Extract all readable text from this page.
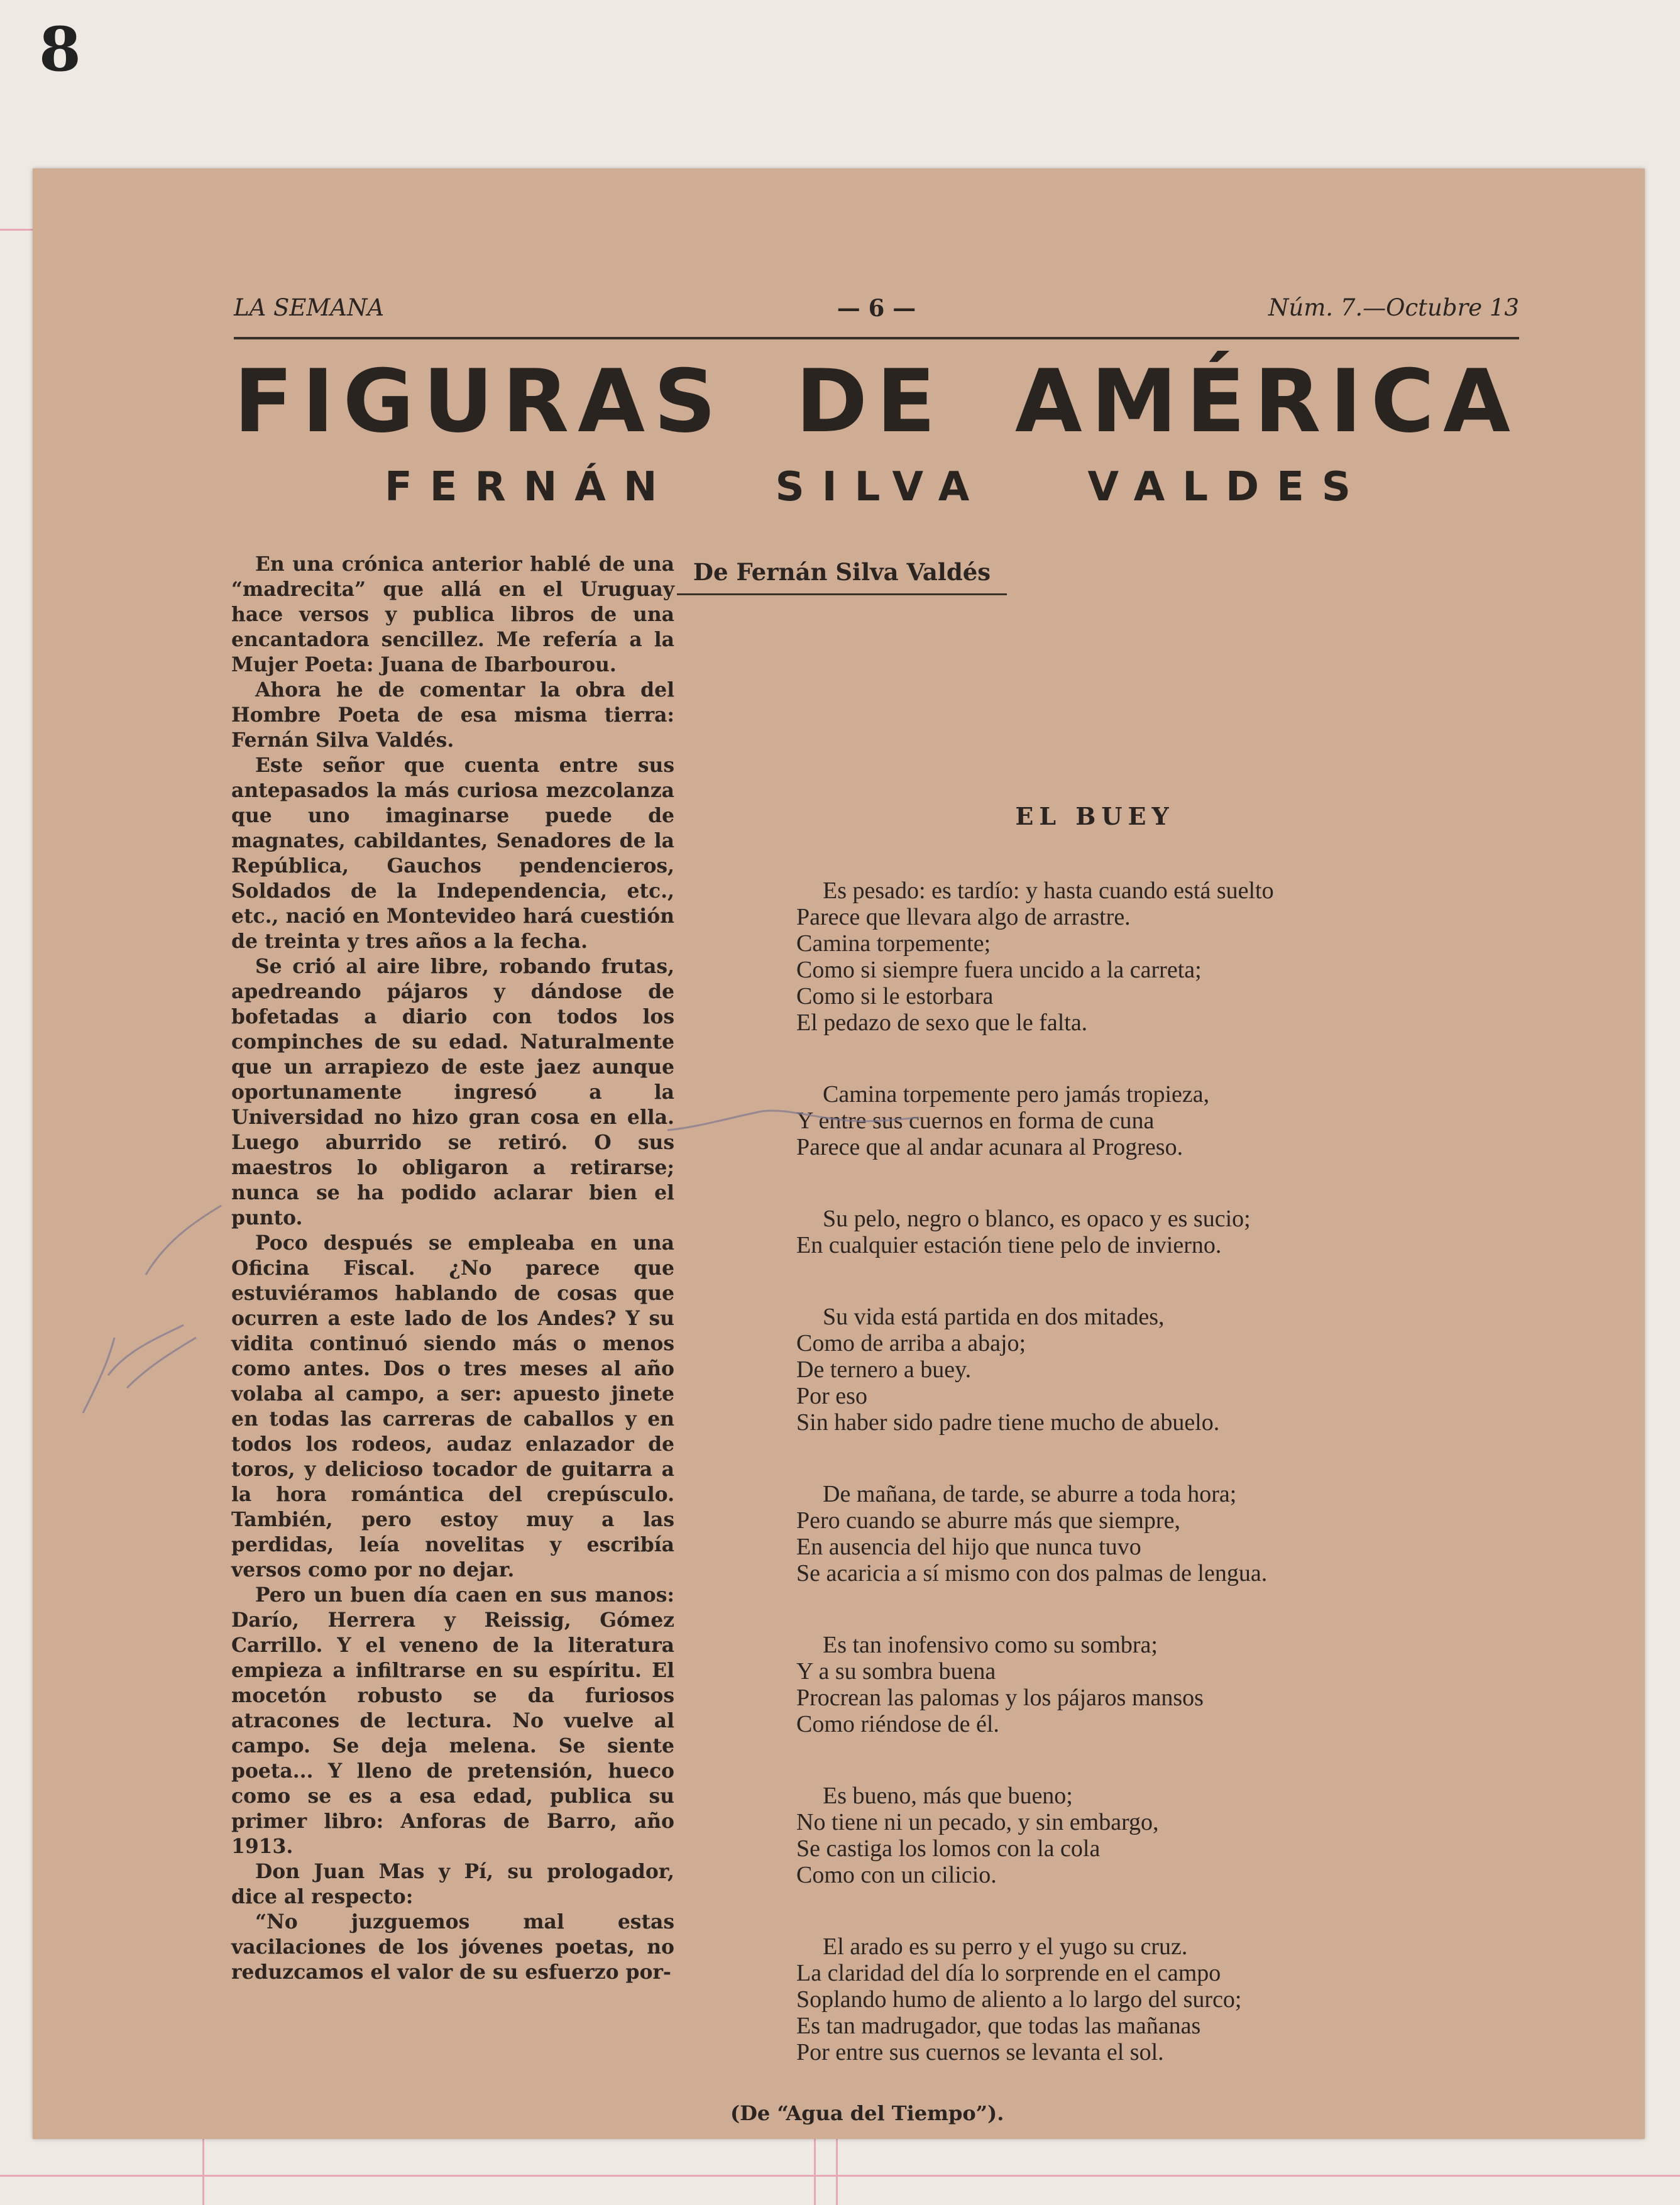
8
LA SEMANA	— 6 —	Núm. 7.—Octubre 13
FIGURAS DE AMÉRICA
FERNÁN	SILVA	VALDES

En una crónica anterior hablé de una “madrecita” que allá en el Uruguay hace versos y publica libros de una encantadora sencillez. Me refería a la Mujer Poeta: Juana de Ibarbourou.

Ahora he de comentar la obra del Hombre Poeta de esa misma tierra: Fernán Silva Valdés.

Este señor que cuenta entre sus antepasados la más curiosa mezcolanza que uno imaginarse puede de magnates, cabildantes, Senadores de la República, Gauchos pendencieros, Soldados de la Independencia, etc., etc., nació en Montevideo hará cuestión de treinta y tres años a la fecha.

Se crió al aire libre, robando frutas, apedreando pájaros y dándose de bofetadas a diario con todos los compinches de su edad. Naturalmente que un arrapiezo de este jaez aunque oportunamente ingresó a la Universidad no hizo gran cosa en ella. Luego aburrido se retiró. O sus maestros lo obligaron a retirarse; nunca se ha podido aclarar bien el punto.

Poco después se empleaba en una Oficina Fiscal. ¿No parece que estuviéramos hablando de cosas que ocurren a este lado de los Andes? Y su vidita continuó siendo más o menos como antes. Dos o tres meses al año volaba al campo, a ser: apuesto jinete en todas las carreras de caballos y en todos los rodeos, audaz enlazador de toros, y delicioso tocador de guitarra a la hora romántica del crepúsculo. También, pero estoy muy a las perdidas, leía novelitas y escribía versos como por no dejar.

Pero un buen día caen en sus manos: Darío, Herrera y Reissig, Gómez Carrillo. Y el veneno de la literatura empieza a infiltrarse en su espíritu. El mocetón robusto se da furiosos atracones de lectura. No vuelve al campo. Se deja melena. Se siente poeta... Y lleno de pretensión, hueco como se es a esa edad, publica su primer libro: Anforas de Barro, año 1913.

Don Juan Mas y Pí, su prologador, dice al respecto:

“No juzguemos mal estas vacilaciones de los jóvenes poetas, no reduzcamos el valor de su esfuerzo por-

De Fernán Silva Valdés
EL BUEY
Es pesado: es tardío: y hasta cuando está suelto
Parece que llevara algo de arrastre.
Camina torpemente;
Como si siempre fuera uncido a la carreta;
Como si le estorbara
El pedazo de sexo que le falta.
Camina torpemente pero jamás tropieza,
Y entre sus cuernos en forma de cuna
Parece que al andar acunara al Progreso.
Su pelo, negro o blanco, es opaco y es sucio;
En cualquier estación tiene pelo de invierno.
Su vida está partida en dos mitades,
Como de arriba a abajo;
De ternero a buey.
Por eso
Sin haber sido padre tiene mucho de abuelo.
De mañana, de tarde, se aburre a toda hora;
Pero cuando se aburre más que siempre,
En ausencia del hijo que nunca tuvo
Se acaricia a sí mismo con dos palmas de lengua.
Es tan inofensivo como su sombra;
Y a su sombra buena
Procrean las palomas y los pájaros mansos
Como riéndose de él.
Es bueno, más que bueno;
No tiene ni un pecado, y sin embargo,
Se castiga los lomos con la cola
Como con un cilicio.
El arado es su perro y el yugo su cruz.
La claridad del día lo sorprende en el campo
Soplando humo de aliento a lo largo del surco;
Es tan madrugador, que todas las mañanas
Por entre sus cuernos se levanta el sol.
(De “Agua del Tiempo”).
